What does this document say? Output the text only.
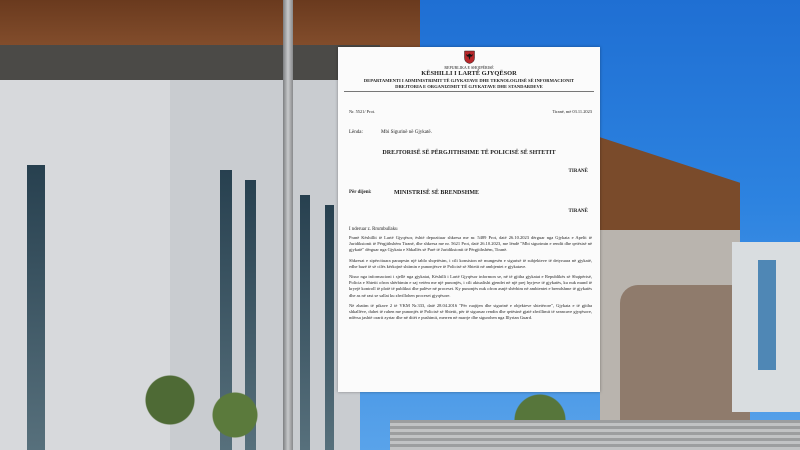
REPUBLIKA E SHQIPËRISË
KËSHILLI I LARTË GJYQËSOR
DEPARTAMENTI I ADMINISTRIMIT TË GJYKATAVE DHE TEKNOLOGJISË SË INFORMACIONIT
DREJTORIA E ORGANIZIMIT TË GJYKATAVE DHE STANDARDEVE
Nr. 5521/ Prot.	Tiranë, më 03.11.2023
Lënda:	Mbi Sigurinë në Gjykatë.
DREJTORISË SË PËRGJITHSHME TË POLICISË SË SHTETIT
TIRANË
Për dijeni:	MINISTRISË SË BRENDSHME
TIRANË
I nderuar z. Rrumbullaku

Pranë Këshillit të Lartë Gjyqësor, është depozituar shkresa me nr. 5489 Prot, datë 26.10.2023 dërguar nga Gjykata e Apelit të Juridiksionit të Përgjithshëm Tiranë, dhe shkresa me nr. 5621 Prot, datë 26.10.2023, me lëndë "Mbi sigurimin e rendit dhe qetësisë në gjykatë" dërguar nga Gjykata e Shkallës së Parë të Juridiksionit të Përgjithshëm, Tiranë.

Shkresat e sipërcituara paraqesin një tablo shqetësim, i cili konsiston në mungesën e sigurisë të subjekteve të detyruara në gjykatë, edhe bazë të së cilës kërkojnë shtimin e punonjësve të Policisë së Shtetit në ambjentet e gjykatave.

Nisur nga informacioni i sjellë nga gjykatat, Këshilli i Lartë Gjyqësor informon se, në të gjitha gjykatat e Republikës së Shqipërisë, Policia e Shtetit ofron shërbimin e saj vetëm me një punonjës, i cili aktualisht gjendet në një prej hyrjeve të gjykatës, ku nuk mund të kryejë kontroll të plotë të publikut dhe palëve në proceset. Ky punonjës nuk ofron asnjë shërbim në ambientet e brendshme të gjykatës dhe as në rast se sallat ku zhvillohen proceset gjyqësore.

Në zbatim të pikave 2 të VKM Nr.333, datë 28.04.2016 "Për ruajtjen dhe sigurinë e objekteve shtetërore", Gjykata e të gjitha shkallëve, duhet të ruhen me punonjës të Policisë së Shtetit, për të siguruar rendin dhe qetësinë gjatë zhvillimit të seancave gjyqësore, ndërsa jashtë orarit zyrtar dhe në ditët e pushimit, merren në marrje dhe sigurohen nga Illyrian Guard.
